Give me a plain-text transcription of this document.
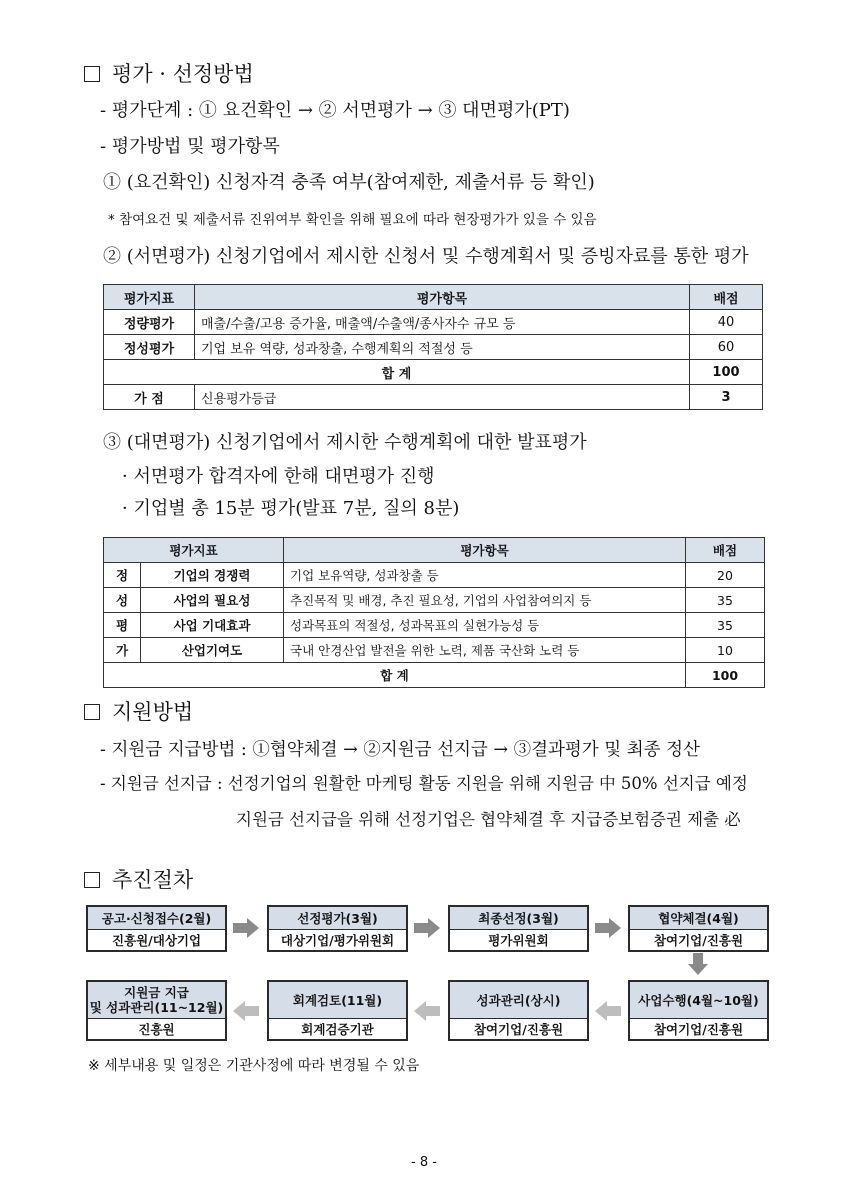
평가 · 선정방법
- 평가단계 : ① 요건확인 → ② 서면평가 → ③ 대면평가(PT)
- 평가방법 및 평가항목
① (요건확인) 신청자격 충족 여부(참여제한, 제출서류 등 확인)
* 참여요건 및 제출서류 진위여부 확인을 위해 필요에 따라 현장평가가 있을 수 있음
② (서면평가) 신청기업에서 제시한 신청서 및 수행계획서 및 증빙자료를 통한 평가
평가지표	평가항목	배점
정량평가	매출/수출/고용 증가율, 매출액/수출액/종사자수 규모 등	40
정성평가	기업 보유 역량, 성과창출, 수행계획의 적절성 등	60
합 계		100
가 점	신용평가등급	3
③ (대면평가) 신청기업에서 제시한 수행계획에 대한 발표평가
· 서면평가 합격자에 한해 대면평가 진행
· 기업별 총 15분 평가(발표 7분, 질의 8분)
평가지표		평가항목	배점
정	기업의 경쟁력	기업 보유역량, 성과창출 등	20
성	사업의 필요성	추진목적 및 배경, 추진 필요성, 기업의 사업참여의지 등	35
평	사업 기대효과	성과목표의 적절성, 성과목표의 실현가능성 등	35
가	산업기여도	국내 안경산업 발전을 위한 노력, 제품 국산화 노력 등	10
합 계			100
지원방법
- 지원금 지급방법 : ①협약체결 → ②지원금 선지급 → ③결과평가 및 최종 정산
- 지원금 선지급 : 선정기업의 원활한 마케팅 활동 지원을 위해 지원금 中 50% 선지급 예정
지원금 선지급을 위해 선정기업은 협약체결 후 지급증보험증권 제출 必
추진절차
공고·신청접수(2월)
진흥원/대상기업
선정평가(3월)
대상기업/평가위원회
최종선정(3월)
평가위원회
협약체결(4월)
참여기업/진흥원
사업수행(4월~10월)
참여기업/진흥원
성과관리(상시)
참여기업/진흥원
회계검토(11월)
회계검증기관
지원금 지급
및 성과관리(11~12월)
진흥원
※ 세부내용 및 일정은 기관사정에 따라 변경될 수 있음
- 8 -
